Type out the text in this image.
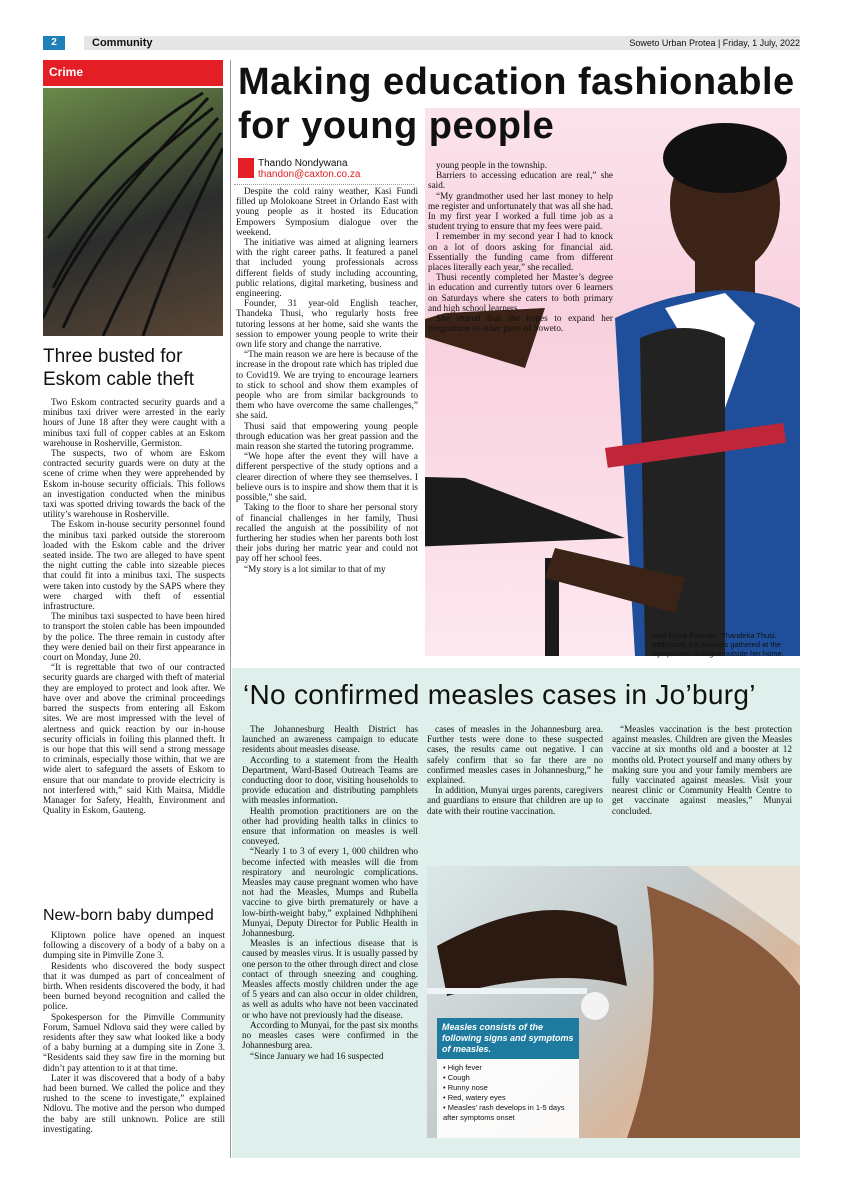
2	Community	Soweto Urban Protea | Friday, 1 July, 2022
Crime
Three busted for Eskom cable theft

Two Eskom contracted security guards and a minibus taxi driver were arrested in the early hours of June 18 after they were caught with a minibus taxi full of copper cables at an Eskom warehouse in Rosherville, Germiston.

The suspects, two of whom are Eskom contracted security guards were on duty at the scene of crime when they were apprehended by Eskom in-house security officials. This follows an investigation conducted when the minibus taxi was spotted driving towards the back of the utility’s warehouse in Rosherville.

The Eskom in-house security personnel found the minibus taxi parked outside the storeroom loaded with the Eskom cable and the driver seated inside. The two are alleged to have spent the night cutting the cable into sizeable pieces that could fit into a minibus taxi. The suspects were taken into custody by the SAPS where they were charged with theft of essential infrastructure.

The minibus taxi suspected to have been hired to transport the stolen cable has been impounded by the police. The three remain in custody after they were denied bail on their first appearance in court on Monday, June 20.

“It is regrettable that two of our contracted security guards are charged with theft of material they are employed to protect and look after. We have over and above the criminal proceedings barred the suspects from entering all Eskom sites. We are most impressed with the level of alertness and quick reaction by our in-house security officials in foiling this planned theft. It is our hope that this will send a strong message to criminals, especially those within, that we are wide alert to safeguard the assets of Eskom to ensure that our mandate to provide electricity is not interfered with,” said Kith Maitsa, Middle Manager for Safety, Health, Environment and Quality in Eskom, Gauteng.

New-born baby dumped

Kliptown police have opened an inquest following a discovery of a body of a baby on a dumping site in Pimville Zone 3.

Residents who discovered the body suspect that it was dumped as part of concealment of birth. When residents discovered the body, it had been burned beyond recognition and called the police.

Spokesperson for the Pimville Community Forum, Samuel Ndlovu said they were called by residents after they saw what looked like a body of a baby burning at a dumping site in Zone 3. “Residents said they saw fire in the morning but didn’t pay attention to it at that time.

Later it was discovered that a body of a baby had been burned. We called the police and they rushed to the scene to investigate,” explained Ndlovu. The motive and the person who dumped the baby are still unknown. Police are still investigating.

Making education fashionable for young people
Thando Nondywana
thandon@caxton.co.za

Despite the cold rainy weather, Kasi Fundi filled up Molokoane Street in Orlando East with young people as it hosted its Education Empowers Symposium dialogue over the weekend.

The initiative was aimed at aligning learners with the right career paths. It featured a panel that included young professionals across different fields of study including accounting, public relations, digital marketing, business and engineering.

Founder, 31 year-old English teacher, Thandeka Thusi, who regularly hosts free tutoring lessons at her home, said she wants the session to empower young people to write their own life story and change the narrative.

“The main reason we are here is because of the increase in the dropout rate which has tripled due to Covid19. We are trying to encourage learners to stick to school and show them examples of people who are from similar backgrounds to them who have overcome the same challenges,” she said.

Thusi said that empowering young people through education was her great passion and the main reason she started the tutoring programme.

“We hope after the event they will have a different perspective of the study options and a clearer direction of where they see themselves. I believe ours is to inspire and show them that it is possible,” she said.

Taking to the floor to share her personal story of financial challenges in her family, Thusi recalled the anguish at the possibility of not furthering her studies when her parents both lost their jobs during her matric year and could not pay off her school fees.

“My story is a lot similar to that of my

young people in the township.

Barriers to accessing education are real,” she said.

“My grandmother used her last money to help me register and unfortunately that was all she had. In my first year I worked a full time job as a student trying to ensure that my fees were paid.

I remember in my second year I had to knock on a lot of doors asking for financial aid. Essentially the funding came from different places literally each year,” she recalled.

Thusi recently completed her Master’s degree in education and currently tutors over 6 learners on Saturdays where she caters to both primary and high school learners.

She shared that she hopes to expand her programme to other parts of Soweto.

Kasi Fundi Founder, Thandeka Thusi, addresses the learners gathered at the Symposium dialogue outside her home.
‘No confirmed measles cases in Jo’burg’

The Johannesburg Health District has launched an awareness campaign to educate residents about measles disease.

According to a statement from the Health Department, Ward-Based Outreach Teams are conducting door to door, visiting households to provide education and distributing pamphlets with measles information.

Health promotion practitioners are on the other had providing health talks in clinics to ensure that information on measles is well conveyed.

“Nearly 1 to 3 of every 1, 000 children who become infected with measles will die from respiratory and neurologic complications. Measles may cause pregnant women who have not had the Measles, Mumps and Rubella vaccine to give birth prematurely or have a low-birth-weight baby,” explained Ndhphiheni Munyai, Deputy Director for Public Health in Johannesburg.

Measles is an infectious disease that is caused by measles virus. It is usually passed by one person to the other through direct and close contact of through sneezing and coughing. Measles affects mostly children under the age of 5 years and can also occur in older children, as well as adults who have not been vaccinated or who have not previously had the disease.

According to Munyai, for the past six months no measles cases were confirmed in the Johannesburg area.

“Since January we had 16 suspected

cases of measles in the Johannesburg area. Further tests were done to these suspected cases, the results came out negative. I can safely confirm that so far there are no confirmed measles cases in Johannesburg,” he explained.

In addition, Munyai urges parents, caregivers and guardians to ensure that children are up to date with their routine vaccination.

“Measles vaccination is the best protection against measles. Children are given the Measles vaccine at six months old and a booster at 12 months old. Protect yourself and many others by making sure you and your family members are fully vaccinated against measles. Visit your nearest clinic or Community Health Centre to get vaccinate against measles,” Munyai concluded.

Measles consists of the following signs and symptoms of measles.
• High fever
• Cough
• Runny nose
• Red, watery eyes
• Measles’ rash develops in 1-5 days after symptoms onset
